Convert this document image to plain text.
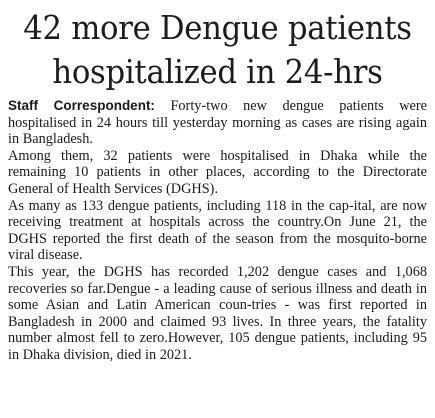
42 more Dengue patients
hospitalized in 24-hrs

Staff Correspondent: Forty-two new dengue patients were hospitalised in 24 hours till yesterday morning as cases are rising again in Bangladesh.

Among them, 32 patients were hospitalised in Dhaka while the remaining 10 patients in other places, according to the Directorate General of Health Services (DGHS).

As many as 133 dengue patients, including 118 in the cap-ital, are now receiving treatment at hospitals across the country.On June 21, the DGHS reported the first death of the season from the mosquito-borne viral disease.

This year, the DGHS has recorded 1,202 dengue cases and 1,068 recoveries so far.Dengue - a leading cause of serious illness and death in some Asian and Latin American coun-tries - was first reported in Bangladesh in 2000 and claimed 93 lives. In three years, the fatality number almost fell to zero.However, 105 dengue patients, including 95 in Dhaka division, died in 2021.
